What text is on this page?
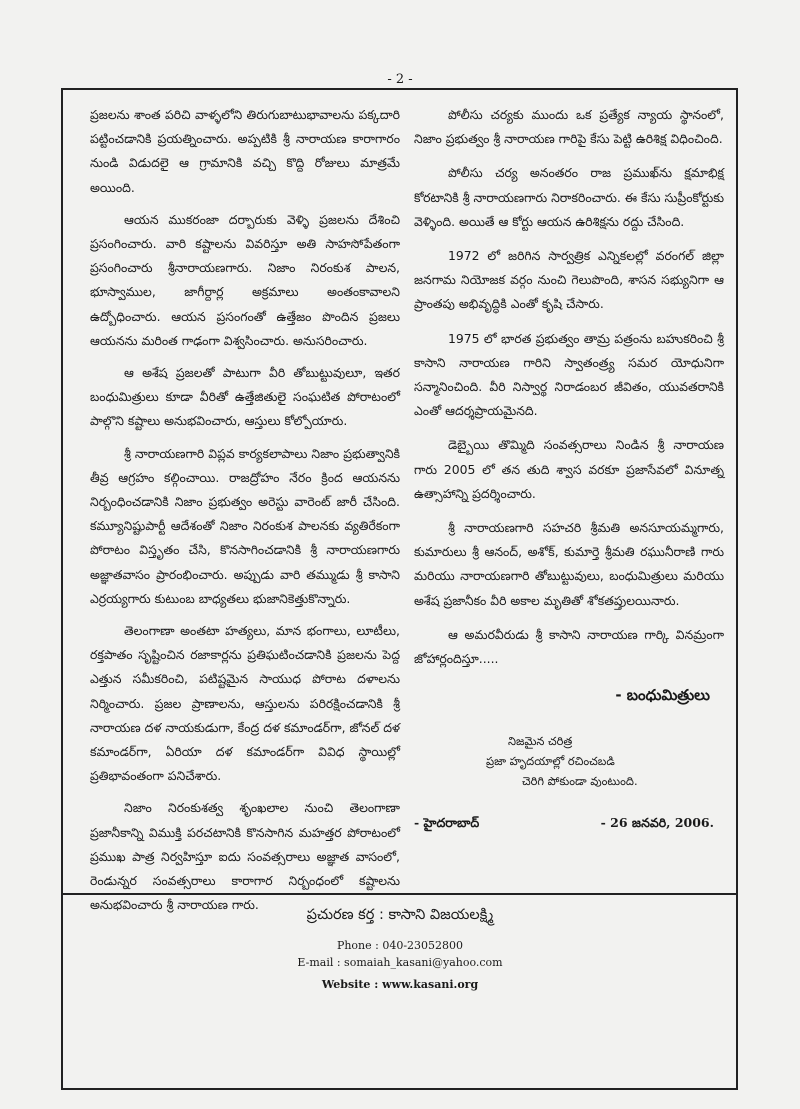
- 2 -

ప్రజలను శాంత పరిచి వాళ్ళలోని తిరుగుబాటుభావాలను పక్కదారి పట్టించడానికి ప్రయత్నించారు. అప్పటికి శ్రీ నారాయణ కారాగారం నుండి విడుదలై ఆ గ్రామానికి వచ్చి కొద్ది రోజులు మాత్రమే అయింది.

ఆయన ముకరంజా దర్బారుకు వెళ్ళి ప్రజలను దేశించి ప్రసంగించారు. వారి కష్టాలను వివరిస్తూ అతి సాహసోపేతంగా ప్రసంగించారు శ్రీనారాయణగారు. నిజాం నిరంకుశ పాలన, భూస్వాముల, జాగీర్దార్ల అక్రమాలు అంతంకావాలని ఉద్బోధించారు. ఆయన ప్రసంగంతో ఉత్తేజం పొందిన ప్రజలు ఆయనను మరింత గాఢంగా విశ్వసించారు. అనుసరించారు.

ఆ అశేష ప్రజలతో పాటుగా వీరి తోబుట్టువులూ, ఇతర బంధుమిత్రులు కూడా వీరితో ఉత్తేజితులై సంఘటిత పోరాటంలో పాల్గొని కష్టాలు అనుభవించారు, ఆస్తులు కోల్పోయారు.

శ్రీ నారాయణగారి విప్లవ కార్యకలాపాలు నిజాం ప్రభుత్వానికి తీవ్ర ఆగ్రహం కల్గించాయి. రాజద్రోహం నేరం క్రింద ఆయనను నిర్బంధించడానికి నిజాం ప్రభుత్వం అరెస్టు వారెంట్ జారీ చేసింది. కమ్యూనిష్టుపార్టీ ఆదేశంతో నిజాం నిరంకుశ పాలనకు వ్యతిరేకంగా పోరాటం విస్తృతం చేసి, కొనసాగించడానికి శ్రీ నారాయణగారు అజ్ఞాతవాసం ప్రారంభించారు. అప్పుడు వారి తమ్ముడు శ్రీ కాసాని ఎర్రయ్యగారు కుటుంబ బాధ్యతలు భుజానికెత్తుకొన్నారు.

తెలంగాణా అంతటా హత్యలు, మాన భంగాలు, లూటీలు, రక్తపాతం సృష్టించిన రజాకార్లను ప్రతిఘటించడానికి ప్రజలను పెద్ద ఎత్తున సమీకరించి, పటిష్టమైన సాయుధ పోరాట దళాలను నిర్మించారు. ప్రజల ప్రాణాలను, ఆస్తులను పరిరక్షించడానికి శ్రీ నారాయణ దళ నాయకుడుగా, కేంద్ర దళ కమాండర్‌గా, జోనల్ దళ కమాండర్‌గా, ఏరియా దళ కమాండర్‌గా వివిధ స్థాయిల్లో ప్రతిభావంతంగా పనిచేశారు.

నిజాం నిరంకుశత్వ శృంఖలాల నుంచి తెలంగాణా ప్రజానీకాన్ని విముక్తి పరచటానికి కొనసాగిన మహత్తర పోరాటంలో ప్రముఖ పాత్ర నిర్వహిస్తూ ఐదు సంవత్సరాలు అజ్ఞాత వాసంలో, రెండున్నర సంవత్సరాలు కారాగార నిర్బంధంలో కష్టాలను అనుభవించారు శ్రీ నారాయణ గారు.

పోలీసు చర్యకు ముందు ఒక ప్రత్యేక న్యాయ స్థానంలో, నిజాం ప్రభుత్వం శ్రీ నారాయణ గారిపై కేసు పెట్టి ఉరిశిక్ష విధించింది.

పోలీసు చర్య అనంతరం రాజ ప్రముఖ్‌ను క్షమాభిక్ష కోరటానికి శ్రీ నారాయణగారు నిరాకరించారు. ఈ కేసు సుప్రీంకోర్టుకు వెళ్ళింది. అయితే ఆ కోర్టు ఆయన ఉరిశిక్షను రద్దు చేసింది.

1972 లో జరిగిన సార్వత్రిక ఎన్నికలల్లో వరంగల్ జిల్లా జనగామ నియోజక వర్గం నుంచి గెలుపొంది, శాసన సభ్యునిగా ఆ ప్రాంతపు అభివృద్ధికి ఎంతో కృషి చేసారు.

1975 లో భారత ప్రభుత్వం తామ్ర పత్రంను బహుకరించి శ్రీ కాసాని నారాయణ గారిని స్వాతంత్ర్య సమర యోధునిగా సన్మానించింది. వీరి నిస్వార్థ నిరాడంబర జీవితం, యువతరానికి ఎంతో ఆదర్శప్రాయమైనది.

డెబ్బైయి తొమ్మిది సంవత్సరాలు నిండిన శ్రీ నారాయణ గారు 2005 లో తన తుది శ్వాస వరకూ ప్రజాసేవలో వినూత్న ఉత్సాహాన్ని ప్రదర్శించారు.

శ్రీ నారాయణగారి సహచరి శ్రీమతి అనసూయమ్మగారు, కుమారులు శ్రీ ఆనంద్, అశోక్, కుమార్తె శ్రీమతి రఘునీరాణి గారు మరియు నారాయణగారి తోబుట్టువులు, బంధుమిత్రులు మరియు అశేష ప్రజానీకం వీరి అకాల మృతితో శోకతప్తులయినారు.

ఆ అమరవీరుడు శ్రీ కాసాని నారాయణ గార్కి వినమ్రంగా జోహార్లందిస్తూ.....

- బంధుమిత్రులు
నిజమైన చరిత్ర
ప్రజా హృదయాల్లో రచించబడి
చెరిగి పోకుండా వుంటుంది.
- హైదరాబాద్	- 26 జనవరి, 2006.
ప్రచురణ కర్త : కాసాని విజయలక్ష్మి
Phone : 040-23052800
E-mail : somaiah_kasani@yahoo.com
Website : www.kasani.org
